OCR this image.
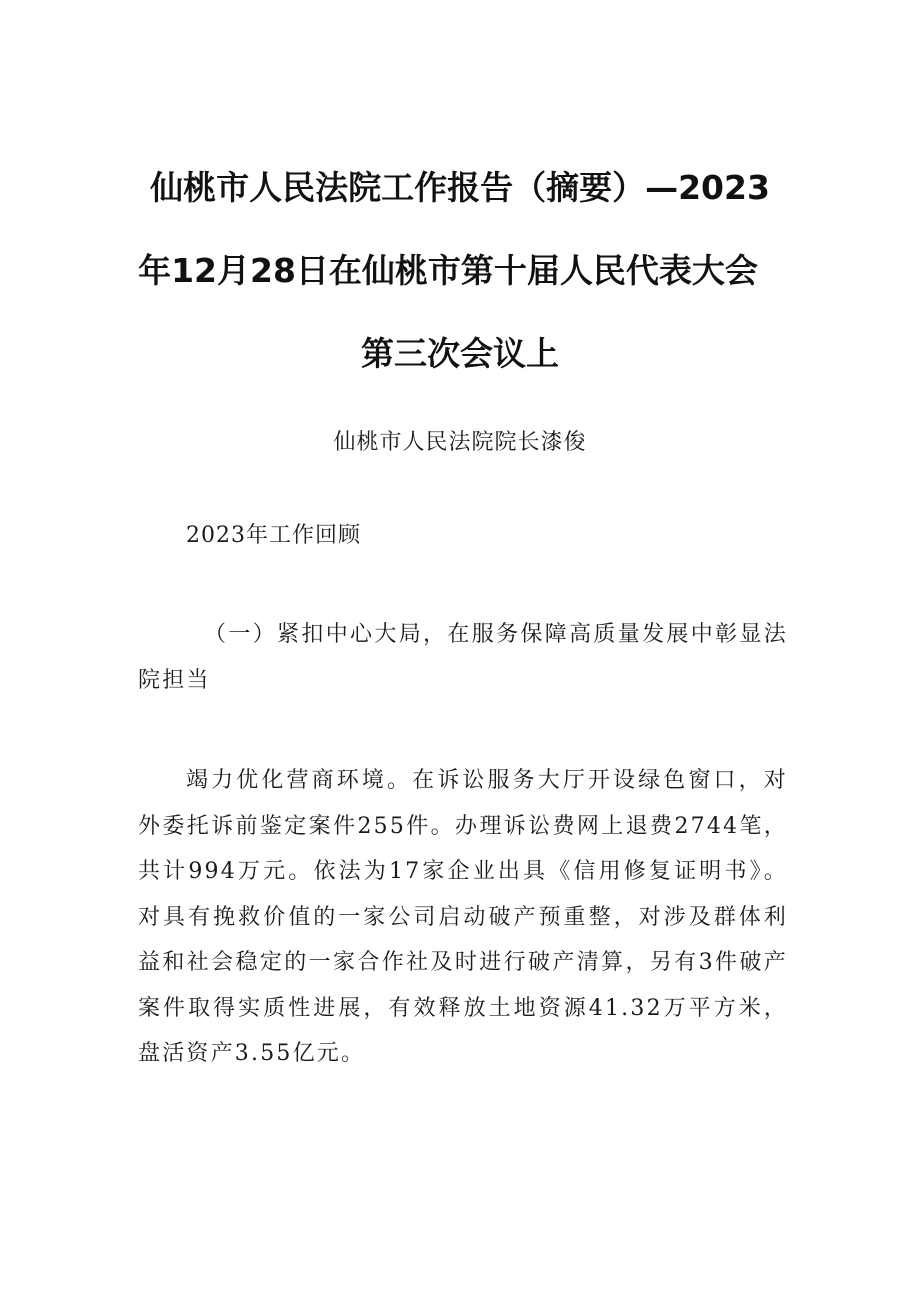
仙桃市人民法院工作报告（摘要）—2023
年12月28日在仙桃市第十届人民代表大会
第三次会议上
仙桃市人民法院院长漆俊
2023年工作回顾
（一）紧扣中心大局，在服务保障高质量发展中彰显法院担当
竭力优化营商环境。在诉讼服务大厅开设绿色窗口，对外委托诉前鉴定案件255件。办理诉讼费网上退费2744笔，共计994万元。依法为17家企业出具《信用修复证明书》。对具有挽救价值的一家公司启动破产预重整，对涉及群体利益和社会稳定的一家合作社及时进行破产清算，另有3件破产案件取得实质性进展，有效释放土地资源41.32万平方米，盘活资产3.55亿元。
